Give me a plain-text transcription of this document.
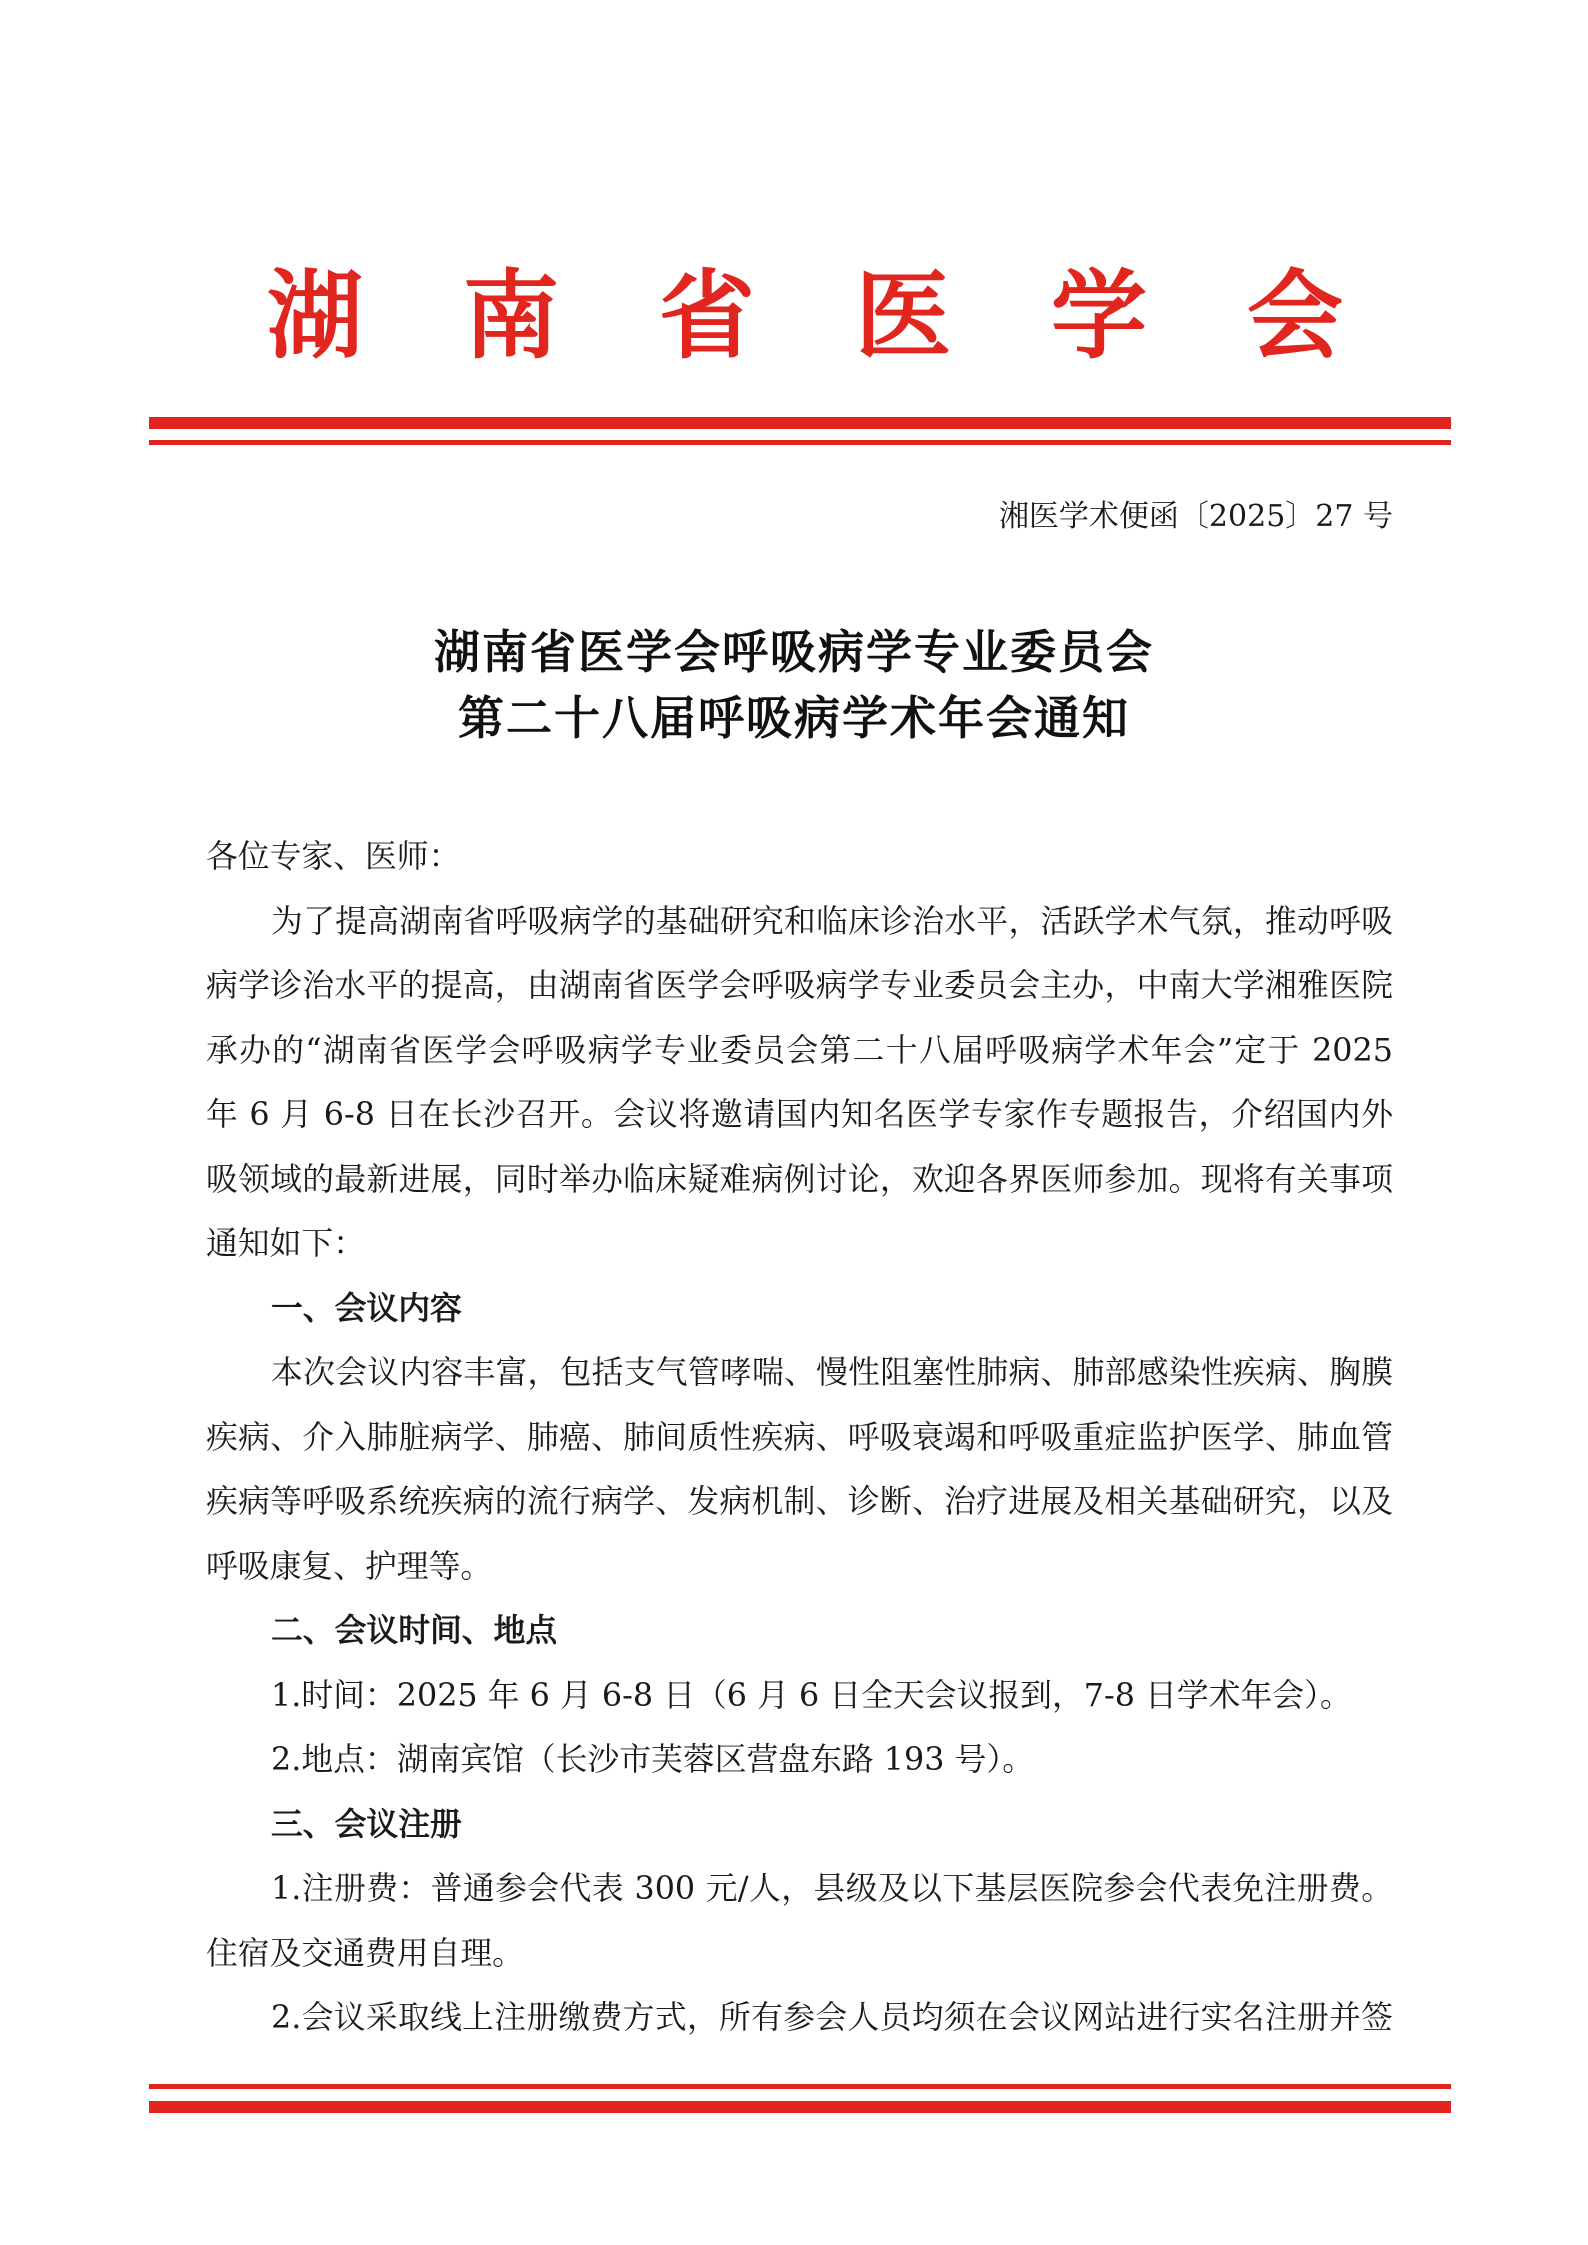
湖南省医学会
湘医学术便函〔2025〕27 号
湖南省医学会呼吸病学专业委员会
第二十八届呼吸病学术年会通知
各位专家、医师：
为了提高湖南省呼吸病学的基础研究和临床诊治水平，活跃学术气氛，推动呼吸
病学诊治水平的提高，由湖南省医学会呼吸病学专业委员会主办，中南大学湘雅医院
承办的“湖南省医学会呼吸病学专业委员会第二十八届呼吸病学术年会”定于 2025
年 6 月 6-8 日在长沙召开。会议将邀请国内知名医学专家作专题报告，介绍国内外
吸领域的最新进展，同时举办临床疑难病例讨论，欢迎各界医师参加。现将有关事项
通知如下：
一、会议内容
本次会议内容丰富，包括支气管哮喘、慢性阻塞性肺病、肺部感染性疾病、胸膜
疾病、介入肺脏病学、肺癌、肺间质性疾病、呼吸衰竭和呼吸重症监护医学、肺血管
疾病等呼吸系统疾病的流行病学、发病机制、诊断、治疗进展及相关基础研究，以及
呼吸康复、护理等。
二、会议时间、地点
1.时间：2025 年 6 月 6-8 日（6 月 6 日全天会议报到，7-8 日学术年会）。
2.地点：湖南宾馆（长沙市芙蓉区营盘东路 193 号）。
三、会议注册
1.注册费：普通参会代表 300 元/人，县级及以下基层医院参会代表免注册费。
住宿及交通费用自理。
2.会议采取线上注册缴费方式，所有参会人员均须在会议网站进行实名注册并签
